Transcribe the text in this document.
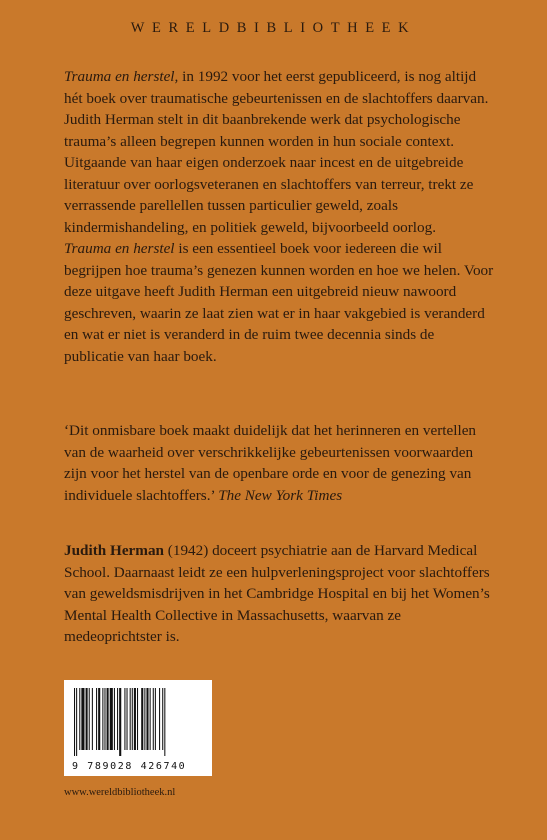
WERELDBIBLIOTHEEK

Trauma en herstel, in 1992 voor het eerst gepubliceerd, is nog altijd hét boek over traumatische gebeurtenissen en de slachtoffers daarvan. Judith Herman stelt in dit baanbrekende werk dat psychologische trauma’s alleen begrepen kunnen worden in hun sociale context. Uitgaande van haar eigen onderzoek naar incest en de uitgebreide literatuur over oorlogsveteranen en slachtoffers van terreur, trekt ze verrassende parellellen tussen particulier geweld, zoals kindermishandeling, en politiek geweld, bijvoorbeeld oorlog.

Trauma en herstel is een essentieel boek voor iedereen die wil begrijpen hoe trauma’s genezen kunnen worden en hoe we helen. Voor deze uitgave heeft Judith Herman een uitgebreid nieuw nawoord geschreven, waarin ze laat zien wat er in haar vakgebied is veranderd en wat er niet is veranderd in de ruim twee decennia sinds de publicatie van haar boek.

‘Dit onmisbare boek maakt duidelijk dat het herinneren en vertellen van de waarheid over verschrikkelijke gebeurtenissen voorwaarden zijn voor het herstel van de openbare orde en voor de genezing van individuele slachtoffers.’ The New York Times

Judith Herman (1942) doceert psychiatrie aan de Harvard Medical School. Daarnaast leidt ze een hulpverleningsproject voor slachtoffers van geweldsmisdrijven in het Cambridge Hospital en bij het Women’s Mental Health Collective in Massachusetts, waarvan ze medeoprichtster is.

9 789028 426740
www.wereldbibliotheek.nl
